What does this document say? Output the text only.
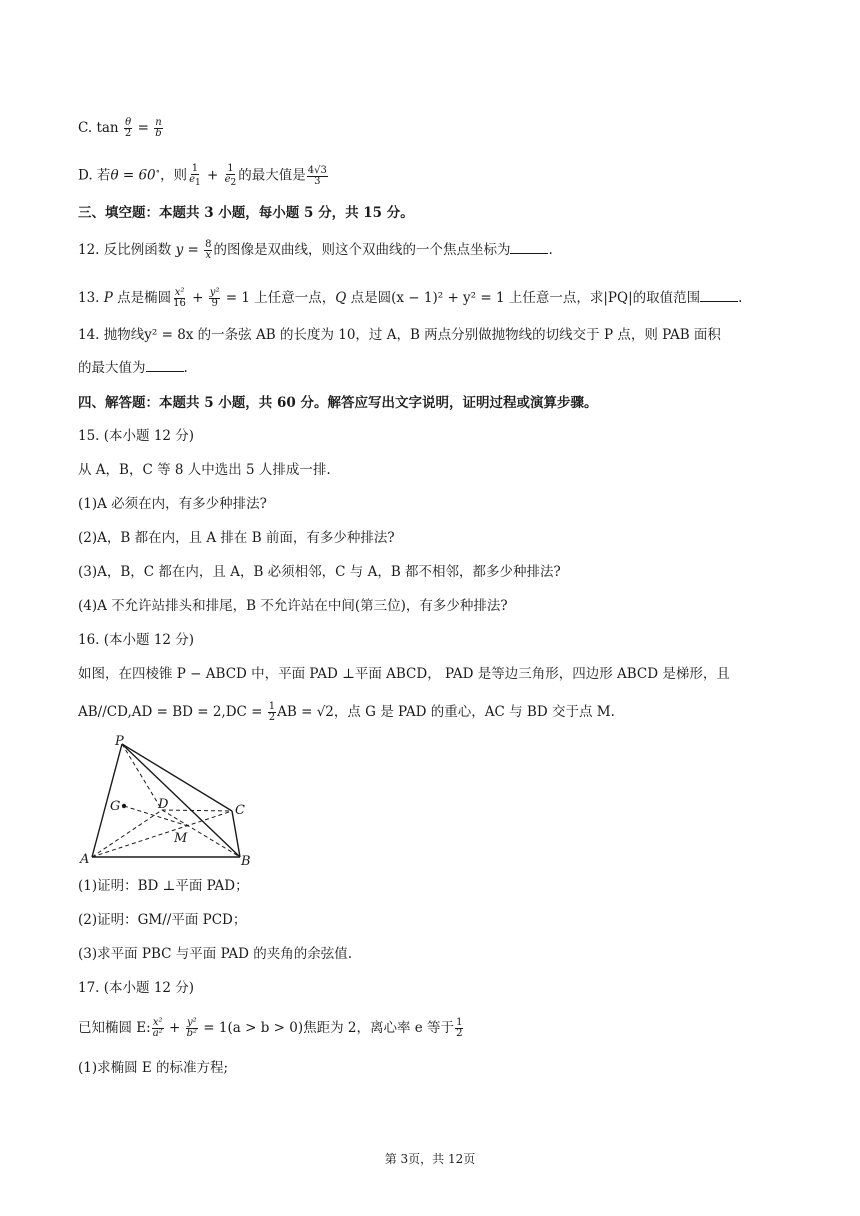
C. $\tan \frac{\theta}{2} = \frac{n}{b}$
D. 若θ = 60∘，则 $\frac{1}{e_1} + \frac{1}{e_2}$ 的最大值是 $\frac{4√3}{3}$
三、填空题：本题共 3 小题，每小题 5 分，共 15 分。
12. 反比例函数 $y = \frac{8}{x}$ 的图像是双曲线，则这个双曲线的一个焦点坐标为	.
13. P 点是椭圆 $\frac{\text{x²}}{16} + \frac{\text{y²}}{9} = 1$ 上任意一点，Q 点是圆(x − 1)² + y² = 1 上任意一点，求|PQ|的取值范围	.
14. 抛物线y² = 8x 的一条弦 AB 的长度为 10，过 A，B 两点分别做抛物线的切线交于 P 点，则 PAB 面积
的最大值为	.
四、解答题：本题共 5 小题，共 60 分。解答应写出文字说明，证明过程或演算步骤。
15. (本小题 12 分)
从 A，B，C 等 8 人中选出 5 人排成一排.
(1)A 必须在内，有多少种排法?
(2)A，B 都在内，且 A 排在 B 前面，有多少种排法?
(3)A，B，C 都在内，且 A，B 必须相邻，C 与 A，B 都不相邻，都多少种排法?
(4)A 不允许站排头和排尾，B 不允许站在中间(第三位)，有多少种排法?
16. (本小题 12 分)
如图，在四棱锥 P − ABCD 中，平面 PAD ⊥平面 ABCD， PAD 是等边三角形，四边形 ABCD 是梯形，且
AB//CD,AD = BD = $2,DC = \frac{1}{2}$ AB = √2，点 G 是 PAD 的重心，AC 与 BD 交于点 M.
P
G	D	C
M
A	B
(1)证明：BD ⊥平面 PAD；
(2)证明：GM//平面 PCD；
(3)求平面 PBC 与平面 PAD 的夹角的余弦值.
17. (本小题 12 分)
已知椭圆 E: $\frac{\text{x²}}{\text{a²}} + \frac{\text{y²}}{\text{b²}} = 1(a > b > 0)$焦距为 2，离心率 e 等于 $\frac{1}{2}$
(1)求椭圆 E 的标准方程;
第 3页，共 12页
